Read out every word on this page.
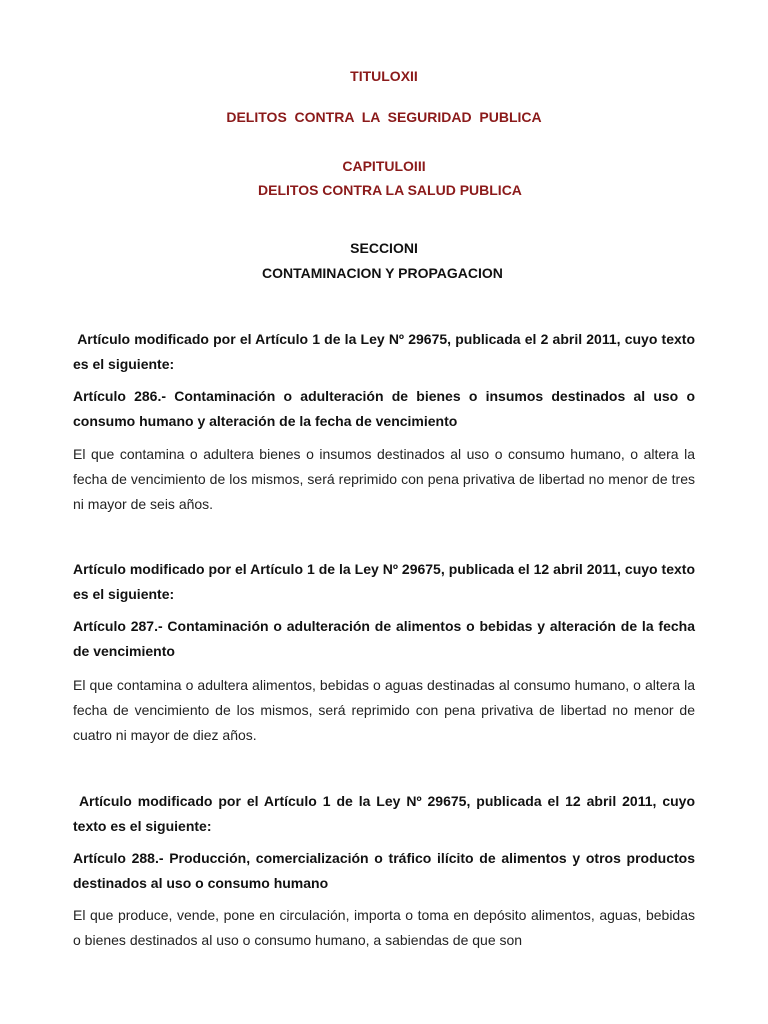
TITULOXII

DELITOS  CONTRA  LA  SEGURIDAD  PUBLICA

CAPITULOIII

DELITOS CONTRA LA SALUD PUBLICA

SECCIONI

CONTAMINACION Y PROPAGACION

Artículo modificado por el Artículo 1 de la Ley Nº 29675, publicada el 2 abril 2011, cuyo texto es el siguiente:

Artículo 286.- Contaminación o adulteración de bienes o insumos destinados al uso o consumo humano y alteración de la fecha de vencimiento

El que contamina o adultera bienes o insumos destinados al uso o consumo humano, o altera la fecha de vencimiento de los mismos, será reprimido con pena privativa de libertad no menor de tres ni mayor de seis años.

Artículo modificado por el Artículo 1 de la Ley Nº 29675, publicada el 12 abril 2011, cuyo texto es el siguiente:

Artículo 287.- Contaminación o adulteración de alimentos o bebidas y alteración de la fecha de vencimiento

El que contamina o adultera alimentos, bebidas o aguas destinadas al consumo humano, o altera la fecha de vencimiento de los mismos, será reprimido con pena privativa de libertad no menor de cuatro ni mayor de diez años.

Artículo modificado por el Artículo 1 de la Ley Nº 29675, publicada el 12 abril 2011, cuyo texto es el siguiente:

Artículo 288.- Producción, comercialización o tráfico ilícito de alimentos y otros productos destinados al uso o consumo humano

El que produce, vende, pone en circulación, importa o toma en depósito alimentos, aguas, bebidas o bienes destinados al uso o consumo humano, a sabiendas de que son
